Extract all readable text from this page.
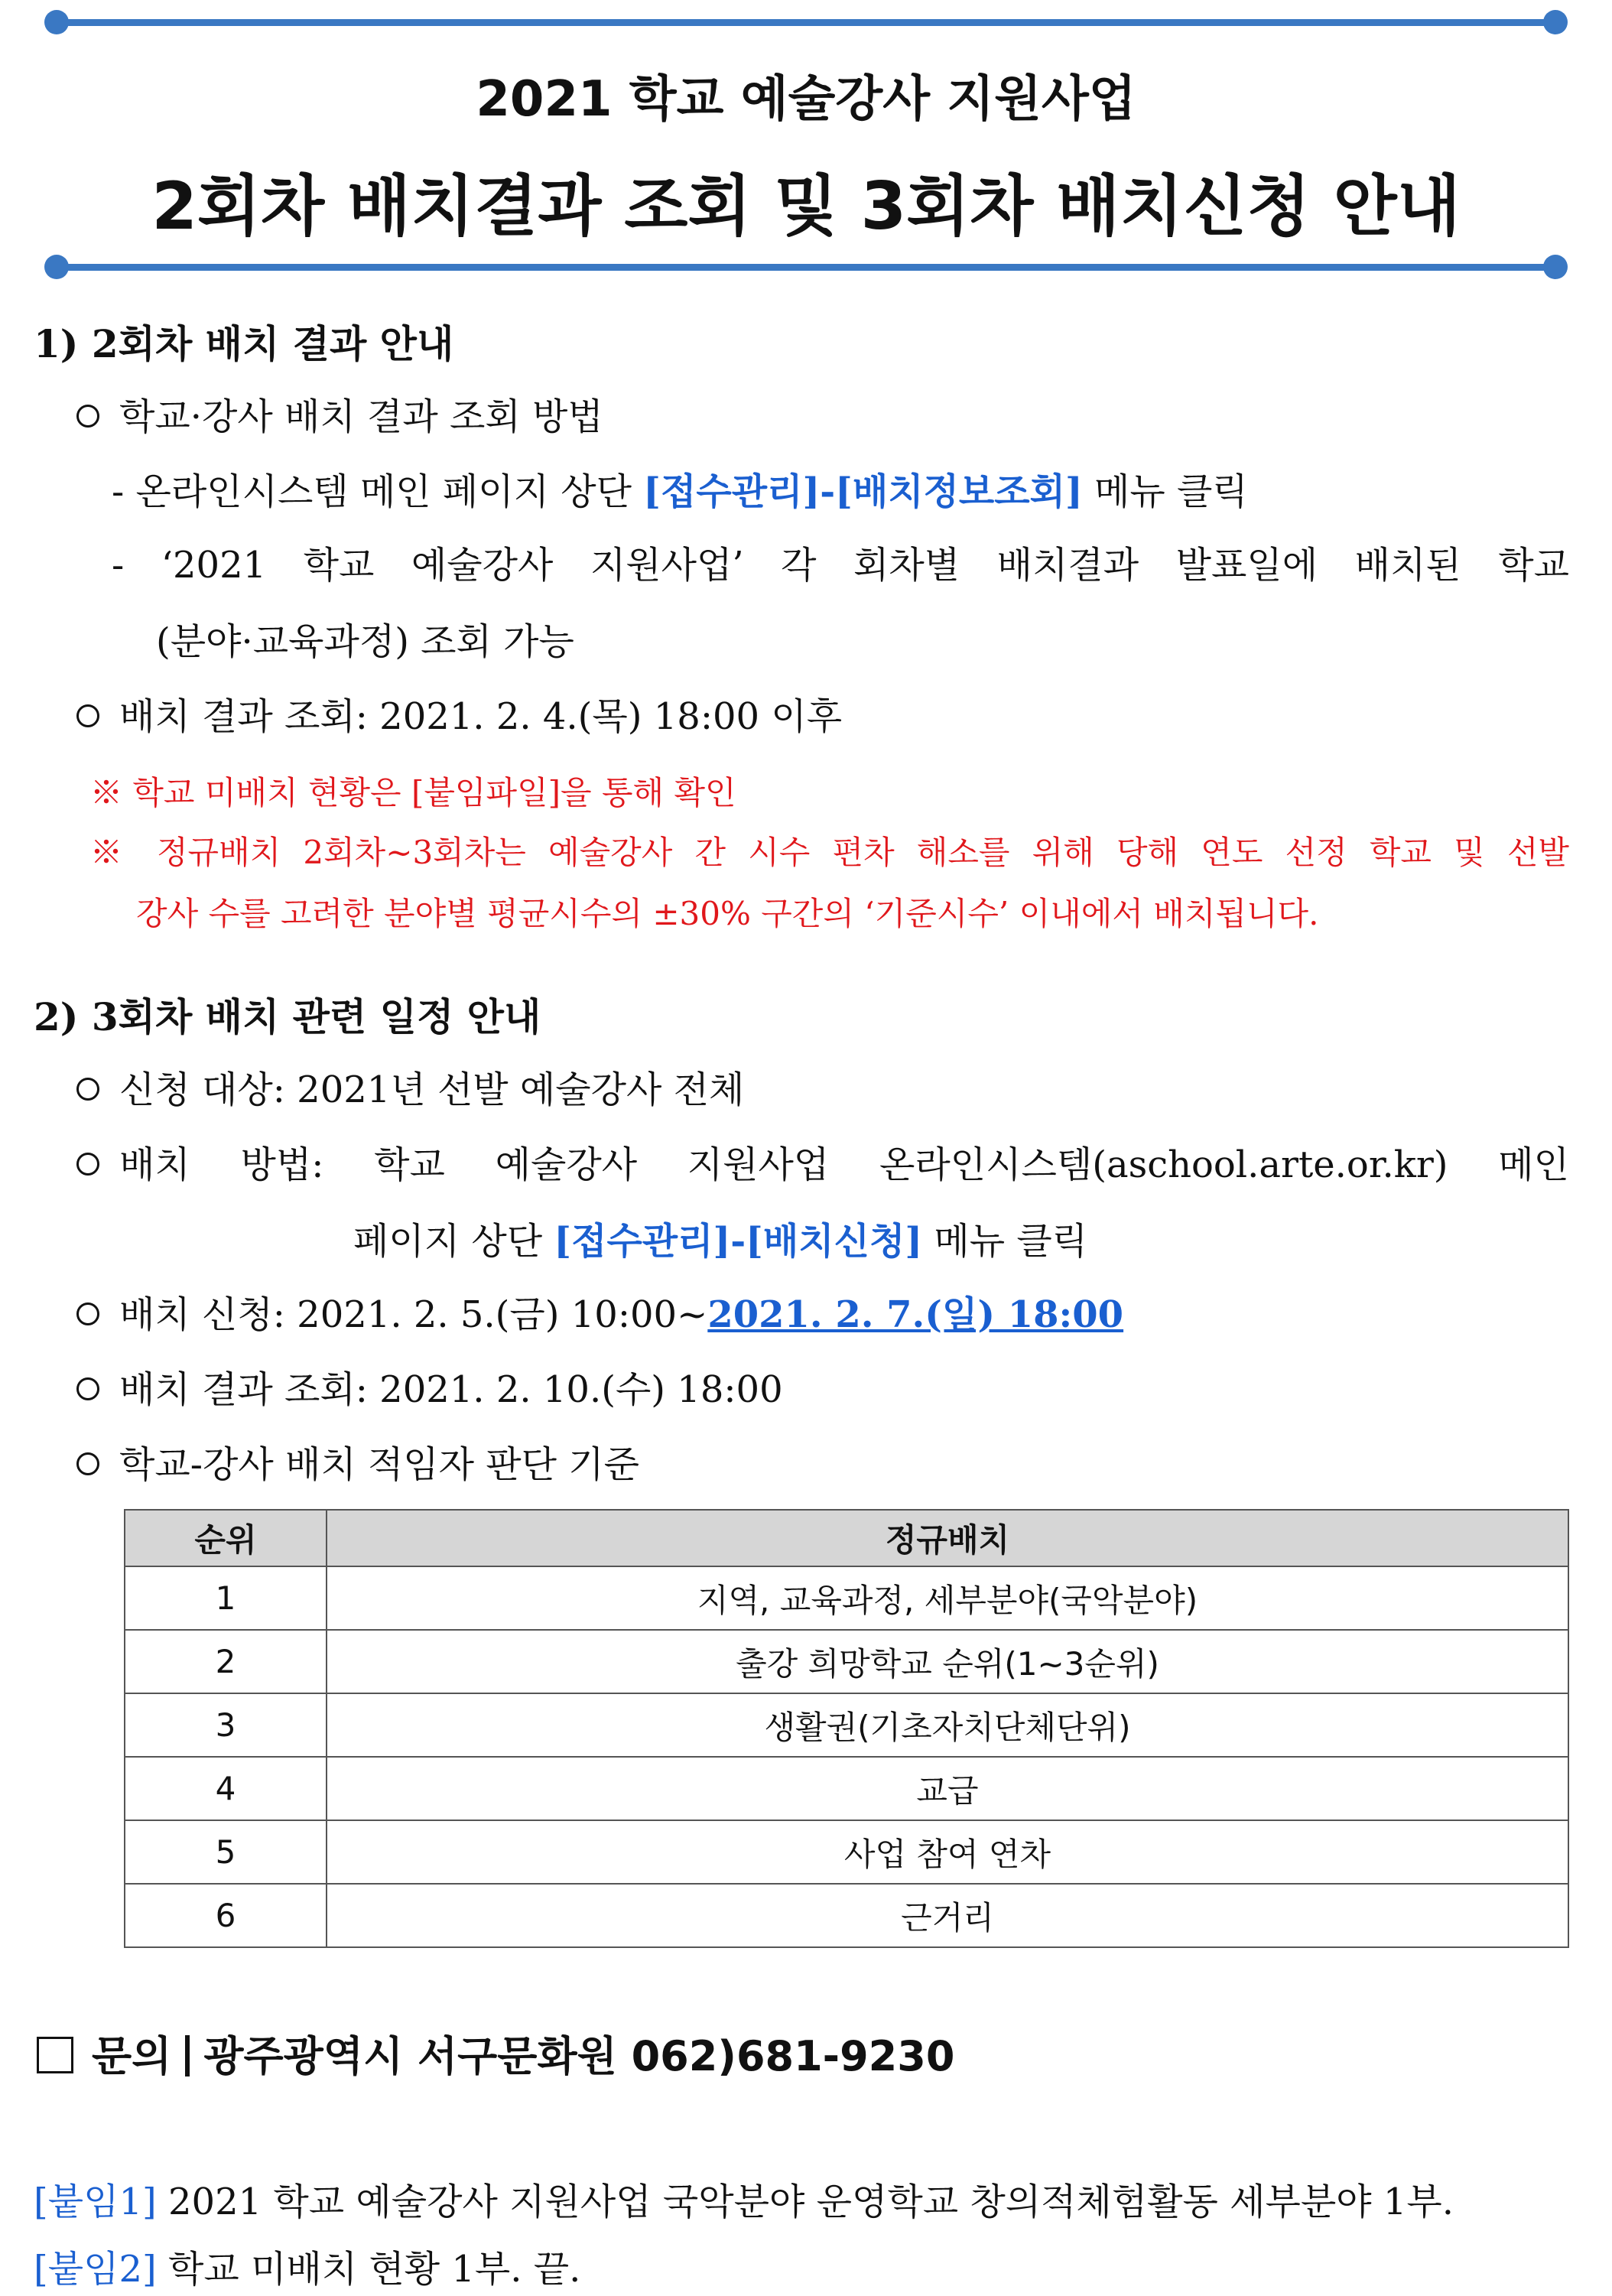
2021 학교 예술강사 지원사업
2회차 배치결과 조회 및 3회차 배치신청 안내
1) 2회차 배치 결과 안내
학교·강사 배치 결과 조회 방법
- 온라인시스템 메인 페이지 상단 [접수관리]-[배치정보조회] 메뉴 클릭
- ‘2021 학교 예술강사 지원사업’ 각 회차별 배치결과 발표일에 배치된 학교
(분야·교육과정) 조회 가능
배치 결과 조회: 2021. 2. 4.(목) 18:00 이후
※ 학교 미배치 현황은 [붙임파일]을 통해 확인
※ 정규배치 2회차~3회차는 예술강사 간 시수 편차 해소를 위해 당해 연도 선정 학교 및 선발
강사 수를 고려한 분야별 평균시수의 ±30% 구간의 ‘기준시수’ 이내에서 배치됩니다.
2) 3회차 배치 관련 일정 안내
신청 대상: 2021년 선발 예술강사 전체
배치 방법: 학교 예술강사 지원사업 온라인시스템(aschool.arte.or.kr) 메인
페이지 상단 [접수관리]-[배치신청] 메뉴 클릭
배치 신청: 2021. 2. 5.(금) 10:00~2021. 2. 7.(일) 18:00
배치 결과 조회: 2021. 2. 10.(수) 18:00
학교-강사 배치 적임자 판단 기준
순위	정규배치
1	지역, 교육과정, 세부분야(국악분야)
2	출강 희망학교 순위(1~3순위)
3	생활권(기초자치단체단위)
4	교급
5	사업 참여 연차
6	근거리
문의 광주광역시 서구문화원 062)681-9230
[붙임1] 2021 학교 예술강사 지원사업 국악분야 운영학교 창의적체험활동 세부분야 1부.
[붙임2] 학교 미배치 현황 1부. 끝.
